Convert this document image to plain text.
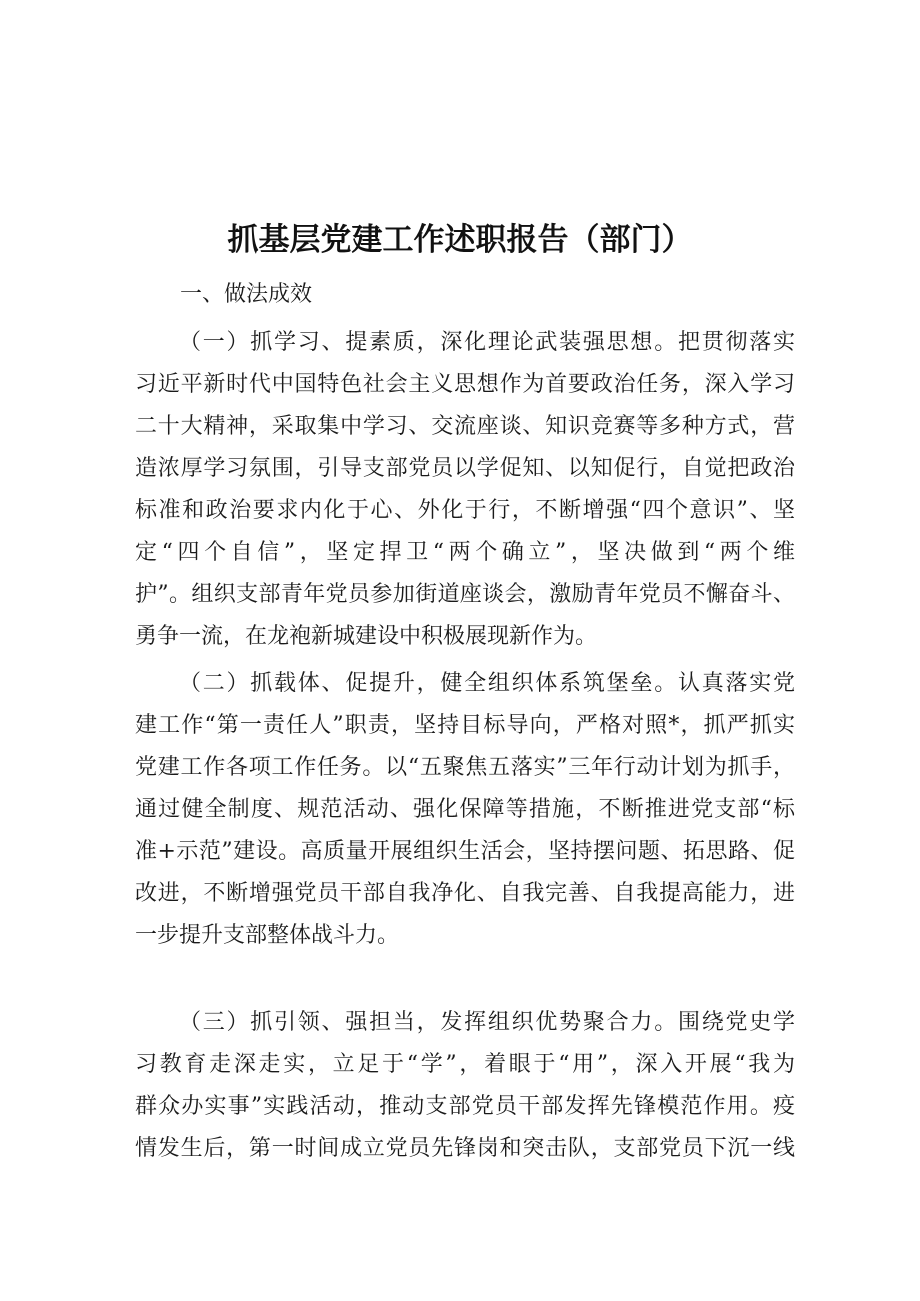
抓基层党建工作述职报告（部门）
一、做法成效
（一）抓学习、提素质，深化理论武装强思想。把贯彻落实
习近平新时代中国特色社会主义思想作为首要政治任务，深入学习
二十大精神，采取集中学习、交流座谈、知识竞赛等多种方式，营
造浓厚学习氛围，引导支部党员以学促知、以知促行，自觉把政治
标准和政治要求内化于心、外化于行，不断增强“四个意识”、坚
定“四个自信”，坚定捍卫“两个确立”，坚决做到“两个维
护”。组织支部青年党员参加街道座谈会，激励青年党员不懈奋斗、
勇争一流，在龙袍新城建设中积极展现新作为。
（二）抓载体、促提升，健全组织体系筑堡垒。认真落实党
建工作“第一责任人”职责，坚持目标导向，严格对照*，抓严抓实
党建工作各项工作任务。以“五聚焦五落实”三年行动计划为抓手，
通过健全制度、规范活动、强化保障等措施，不断推进党支部“标
准+示范”建设。高质量开展组织生活会，坚持摆问题、拓思路、促
改进，不断增强党员干部自我净化、自我完善、自我提高能力，进
一步提升支部整体战斗力。
（三）抓引领、强担当，发挥组织优势聚合力。围绕党史学
习教育走深走实，立足于“学”，着眼于“用”，深入开展“我为
群众办实事”实践活动，推动支部党员干部发挥先锋模范作用。疫
情发生后，第一时间成立党员先锋岗和突击队，支部党员下沉一线
